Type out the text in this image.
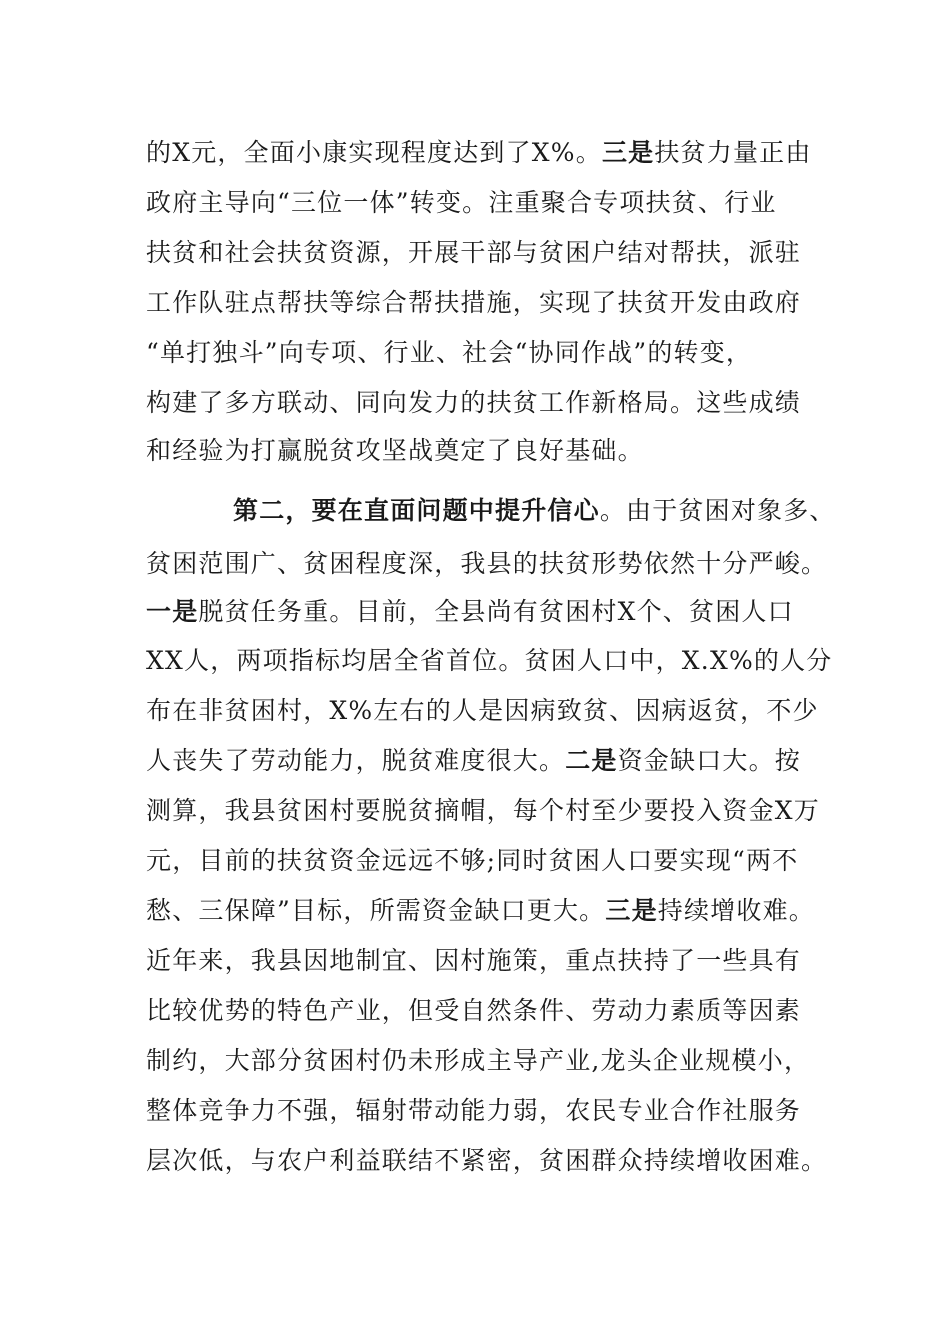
的X元，全面小康实现程度达到了X%。三是扶贫力量正由
政府主导向“三位一体”转变。注重聚合专项扶贫、行业
扶贫和社会扶贫资源，开展干部与贫困户结对帮扶，派驻
工作队驻点帮扶等综合帮扶措施，实现了扶贫开发由政府
“单打独斗”向专项、行业、社会“协同作战”的转变，
构建了多方联动、同向发力的扶贫工作新格局。这些成绩
和经验为打赢脱贫攻坚战奠定了良好基础。
第二，要在直面问题中提升信心。由于贫困对象多、
贫困范围广、贫困程度深，我县的扶贫形势依然十分严峻。
一是脱贫任务重。目前，全县尚有贫困村X个、贫困人口
XX人，两项指标均居全省首位。贫困人口中，X.X%的人分
布在非贫困村，X%左右的人是因病致贫、因病返贫，不少
人丧失了劳动能力，脱贫难度很大。二是资金缺口大。按
测算，我县贫困村要脱贫摘帽，每个村至少要投入资金X万
元，目前的扶贫资金远远不够;同时贫困人口要实现“两不
愁、三保障”目标，所需资金缺口更大。三是持续增收难。
近年来，我县因地制宜、因村施策，重点扶持了一些具有
比较优势的特色产业，但受自然条件、劳动力素质等因素
制约，大部分贫困村仍未形成主导产业,龙头企业规模小，
整体竞争力不强，辐射带动能力弱，农民专业合作社服务
层次低，与农户利益联结不紧密，贫困群众持续增收困难。
